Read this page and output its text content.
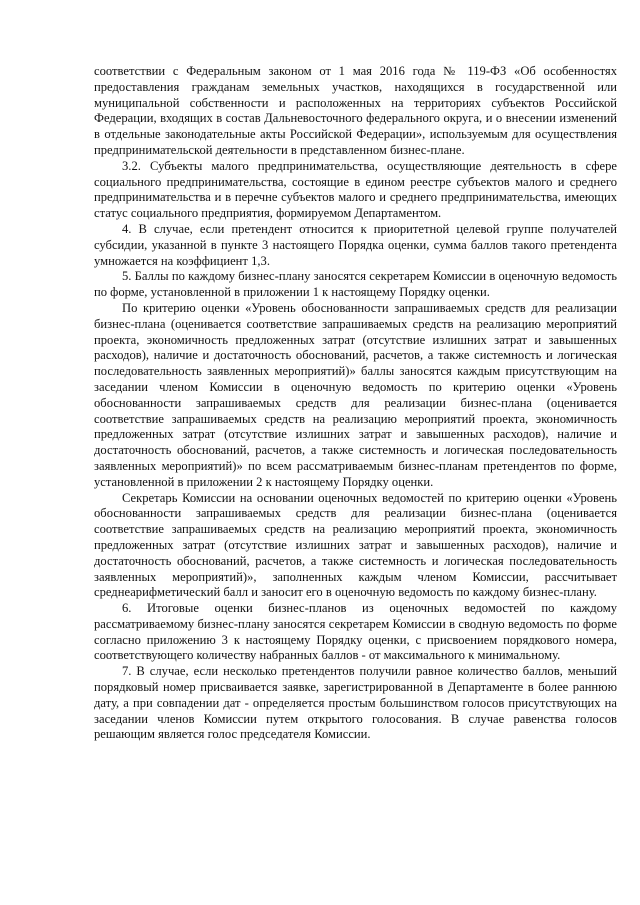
соответствии с Федеральным законом от 1 мая 2016 года № 119-ФЗ «Об особенностях предоставления гражданам земельных участков, находящихся в государственной или муниципальной собственности и расположенных на территориях субъектов Российской Федерации, входящих в состав Дальневосточного федерального округа, и о внесении изменений в отдельные законодательные акты Российской Федерации», используемым для осуществления предпринимательской деятельности в представленном бизнес-плане.

3.2. Субъекты малого предпринимательства, осуществляющие деятельность в сфере социального предпринимательства, состоящие в едином реестре субъектов малого и среднего предпринимательства и в перечне субъектов малого и среднего предпринимательства, имеющих статус социального предприятия, формируемом Департаментом.

4. В случае, если претендент относится к приоритетной целевой группе получателей субсидии, указанной в пункте 3 настоящего Порядка оценки, сумма баллов такого претендента умножается на коэффициент 1,3.

5. Баллы по каждому бизнес-плану заносятся секретарем Комиссии в оценочную ведомость по форме, установленной в приложении 1 к настоящему Порядку оценки.

По критерию оценки «Уровень обоснованности запрашиваемых средств для реализации бизнес-плана (оценивается соответствие запрашиваемых средств на реализацию мероприятий проекта, экономичность предложенных затрат (отсутствие излишних затрат и завышенных расходов), наличие и достаточность обоснований, расчетов, а также системность и логическая последовательность заявленных мероприятий)» баллы заносятся каждым присутствующим на заседании членом Комиссии в оценочную ведомость по критерию оценки «Уровень обоснованности запрашиваемых средств для реализации бизнес-плана (оценивается соответствие запрашиваемых средств на реализацию мероприятий проекта, экономичность предложенных затрат (отсутствие излишних затрат и завышенных расходов), наличие и достаточность обоснований, расчетов, а также системность и логическая последовательность заявленных мероприятий)» по всем рассматриваемым бизнес-планам претендентов по форме, установленной в приложении 2 к настоящему Порядку оценки.

Секретарь Комиссии на основании оценочных ведомостей по критерию оценки «Уровень обоснованности запрашиваемых средств для реализации бизнес-плана (оценивается соответствие запрашиваемых средств на реализацию мероприятий проекта, экономичность предложенных затрат (отсутствие излишних затрат и завышенных расходов), наличие и достаточность обоснований, расчетов, а также системность и логическая последовательность заявленных мероприятий)», заполненных каждым членом Комиссии, рассчитывает среднеарифметический балл и заносит его в оценочную ведомость по каждому бизнес-плану.

6. Итоговые оценки бизнес-планов из оценочных ведомостей по каждому рассматриваемому бизнес-плану заносятся секретарем Комиссии в сводную ведомость по форме согласно приложению 3 к настоящему Порядку оценки, с присвоением порядкового номера, соответствующего количеству набранных баллов - от максимального к минимальному.

7. В случае, если несколько претендентов получили равное количество баллов, меньший порядковый номер присваивается заявке, зарегистрированной в Департаменте в более раннюю дату, а при совпадении дат - определяется простым большинством голосов присутствующих на заседании членов Комиссии путем открытого голосования. В случае равенства голосов решающим является голос председателя Комиссии.
